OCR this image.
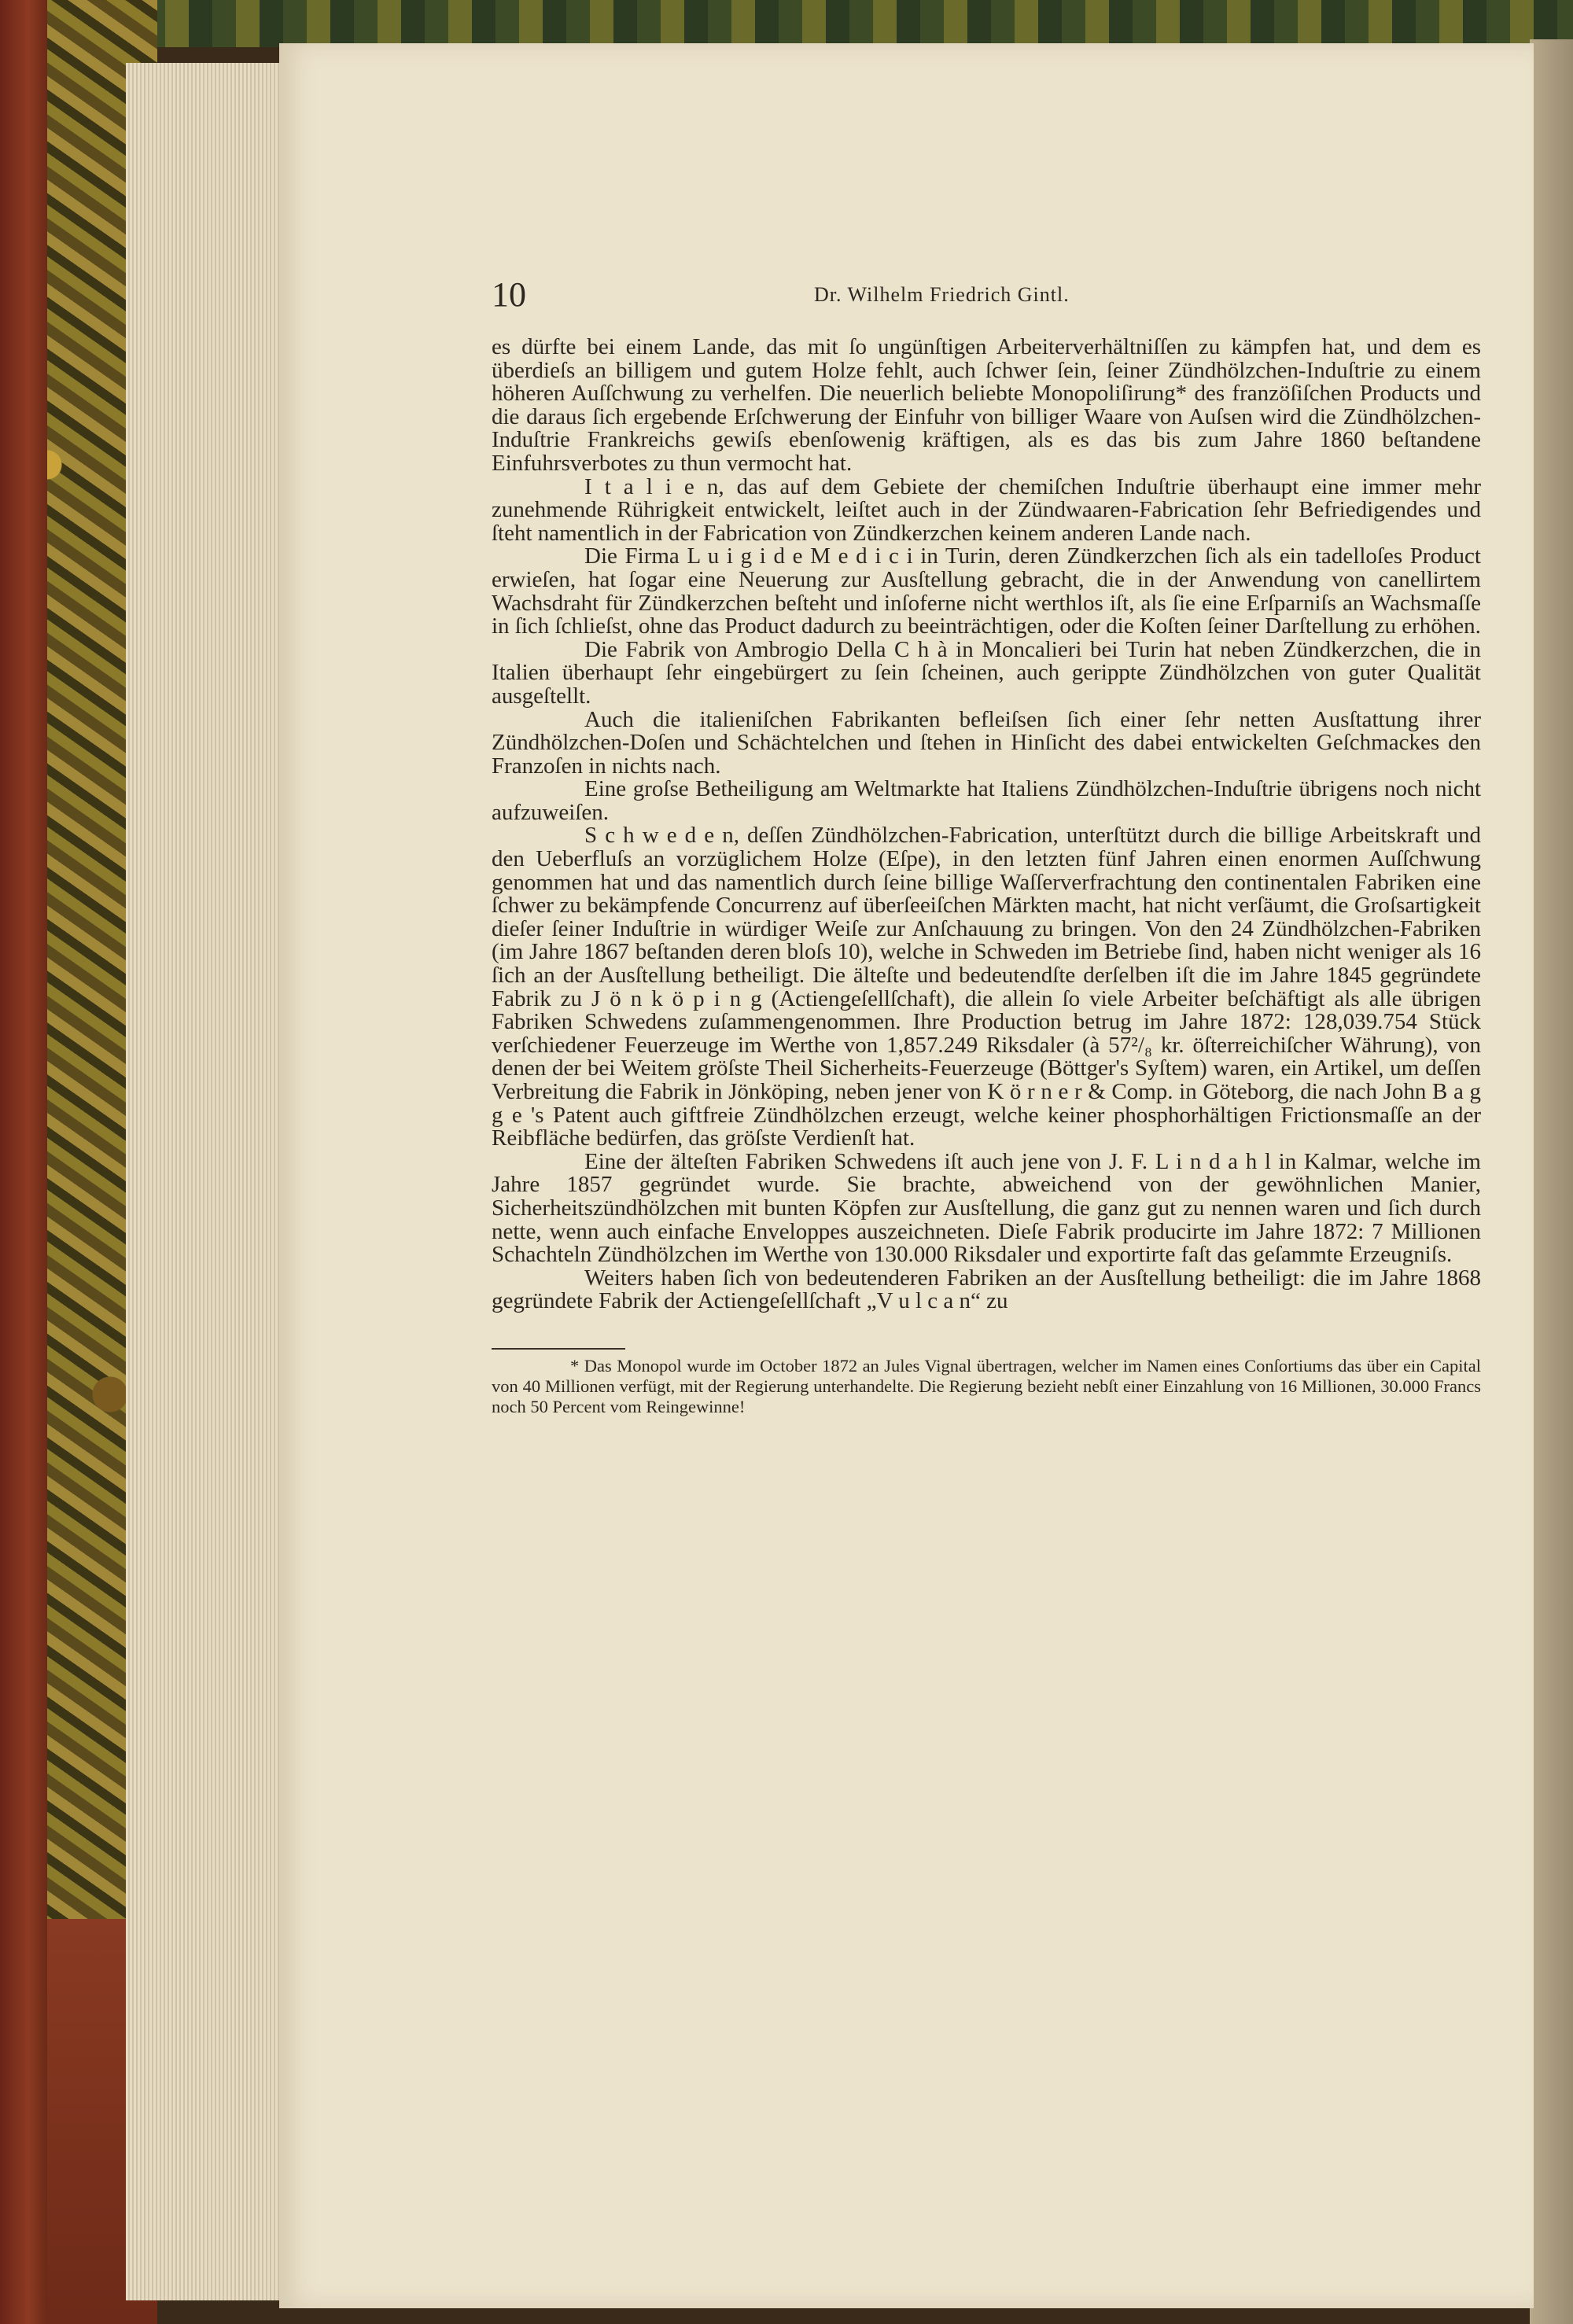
10	Dr. Wilhelm Friedrich Gintl.

es dürfte bei einem Lande, das mit ſo ungünſtigen Arbeiterverhältniſſen zu kämpfen hat, und dem es überdieſs an billigem und gutem Holze fehlt, auch ſchwer ſein, ſeiner Zündhölzchen-Induſtrie zu einem höheren Auſſchwung zu verhelfen. Die neuerlich beliebte Monopoliſirung* des franzöſiſchen Products und die daraus ſich ergebende Erſchwerung der Einfuhr von billiger Waare von Auſsen wird die Zündhölzchen-Induſtrie Frankreichs gewiſs ebenſowenig kräftigen, als es das bis zum Jahre 1860 beſtandene Einfuhrsverbotes zu thun vermocht hat.

I t a l i e n, das auf dem Gebiete der chemiſchen Induſtrie überhaupt eine immer mehr zunehmende Rührigkeit entwickelt, leiſtet auch in der Zündwaaren-Fabrication ſehr Befriedigendes und ſteht namentlich in der Fabrication von Zündkerzchen keinem anderen Lande nach.

Die Firma L u i g i d e M e d i c i in Turin, deren Zündkerzchen ſich als ein tadelloſes Product erwieſen, hat ſogar eine Neuerung zur Ausſtellung gebracht, die in der Anwendung von canellirtem Wachsdraht für Zündkerzchen beſteht und inſoferne nicht werthlos iſt, als ſie eine Erſparniſs an Wachsmaſſe in ſich ſchlieſst, ohne das Product dadurch zu beeinträchtigen, oder die Koſten ſeiner Darſtellung zu erhöhen.

Die Fabrik von Ambrogio Della C h à in Moncalieri bei Turin hat neben Zündkerzchen, die in Italien überhaupt ſehr eingebürgert zu ſein ſcheinen, auch gerippte Zündhölzchen von guter Qualität ausgeſtellt.

Auch die italieniſchen Fabrikanten befleiſsen ſich einer ſehr netten Ausſtattung ihrer Zündhölzchen-Doſen und Schächtelchen und ſtehen in Hinſicht des dabei entwickelten Geſchmackes den Franzoſen in nichts nach.

Eine groſse Betheiligung am Weltmarkte hat Italiens Zündhölzchen-Induſtrie übrigens noch nicht aufzuweiſen.

S c h w e d e n, deſſen Zündhölzchen-Fabrication, unterſtützt durch die billige Arbeitskraft und den Ueberfluſs an vorzüglichem Holze (Eſpe), in den letzten fünf Jahren einen enormen Auſſchwung genommen hat und das namentlich durch ſeine billige Waſſerverfrachtung den continentalen Fabriken eine ſchwer zu bekämpfende Concurrenz auf überſeeiſchen Märkten macht, hat nicht verſäumt, die Groſsartigkeit dieſer ſeiner Induſtrie in würdiger Weiſe zur Anſchauung zu bringen. Von den 24 Zündhölzchen-Fabriken (im Jahre 1867 beſtanden deren bloſs 10), welche in Schweden im Betriebe ſind, haben nicht weniger als 16 ſich an der Ausſtellung betheiligt. Die älteſte und bedeutendſte derſelben iſt die im Jahre 1845 gegründete Fabrik zu J ö n k ö p i n g (Actiengeſellſchaft), die allein ſo viele Arbeiter beſchäftigt als alle übrigen Fabriken Schwedens zuſammengenommen. Ihre Production betrug im Jahre 1872: 128,039.754 Stück verſchiedener Feuerzeuge im Werthe von 1,857.249 Riksdaler (à 57²/₈ kr. öſterreichiſcher Währung), von denen der bei Weitem gröſste Theil Sicherheits-Feuerzeuge (Böttger's Syſtem) waren, ein Artikel, um deſſen Verbreitung die Fabrik in Jönköping, neben jener von K ö r n e r & Comp. in Göteborg, die nach John B a g g e 's Patent auch giftfreie Zündhölzchen erzeugt, welche keiner phosphorhältigen Frictionsmaſſe an der Reibfläche bedürfen, das gröſste Verdienſt hat.

Eine der älteſten Fabriken Schwedens iſt auch jene von J. F. L i n d a h l in Kalmar, welche im Jahre 1857 gegründet wurde. Sie brachte, abweichend von der gewöhnlichen Manier, Sicherheitszündhölzchen mit bunten Köpfen zur Ausſtellung, die ganz gut zu nennen waren und ſich durch nette, wenn auch einfache Enveloppes auszeichneten. Dieſe Fabrik producirte im Jahre 1872: 7 Millionen Schachteln Zündhölzchen im Werthe von 130.000 Riksdaler und exportirte faſt das geſammte Erzeugniſs.

Weiters haben ſich von bedeutenderen Fabriken an der Ausſtellung betheiligt: die im Jahre 1868 gegründete Fabrik der Actiengeſellſchaft „V u l c a n“ zu

* Das Monopol wurde im October 1872 an Jules Vignal übertragen, welcher im Namen eines Conſortiums das über ein Capital von 40 Millionen verfügt, mit der Regierung unterhandelte. Die Regierung bezieht nebſt einer Einzahlung von 16 Millionen, 30.000 Francs noch 50 Percent vom Reingewinne!
